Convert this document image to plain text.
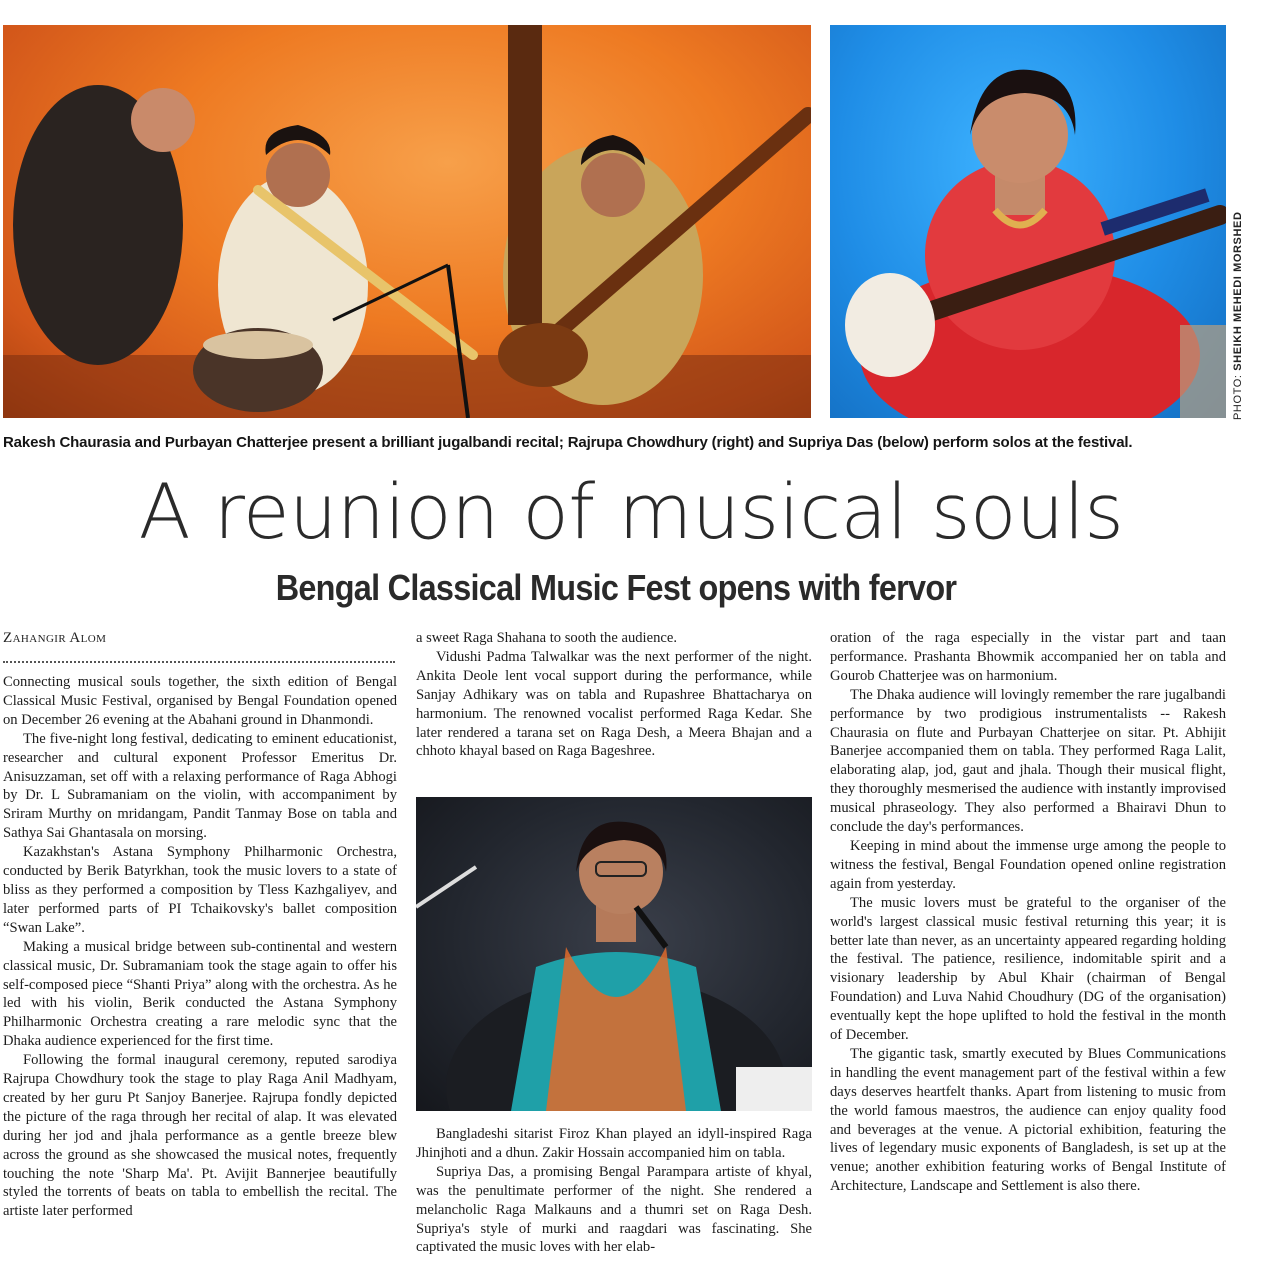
PHOTO: SHEIKH MEHEDI MORSHED
Rakesh Chaurasia and Purbayan Chatterjee present a brilliant jugalbandi recital; Rajrupa Chowdhury (right) and Supriya Das (below) perform solos at the festival.
A reunion of musical souls
Bengal Classical Music Fest opens with fervor
Zahangir Alom

Connecting musical souls together, the sixth edition of Bengal Classical Music Festival, organised by Bengal Foundation opened on December 26 evening at the Abahani ground in Dhanmondi.

The five-night long festival, dedicating to eminent educationist, researcher and cultural exponent Professor Emeritus Dr. Anisuzzaman, set off with a relaxing performance of Raga Abhogi by Dr. L Subramaniam on the violin, with accompaniment by Sriram Murthy on mridangam, Pandit Tanmay Bose on tabla and Sathya Sai Ghantasala on morsing.

Kazakhstan's Astana Symphony Philharmonic Orchestra, conducted by Berik Batyrkhan, took the music lovers to a state of bliss as they performed a composition by Tless Kazhgaliyev, and later performed parts of PI Tchaikovsky's ballet composition “Swan Lake”.

Making a musical bridge between sub-continental and western classical music, Dr. Subramaniam took the stage again to offer his self-composed piece “Shanti Priya” along with the orchestra. As he led with his violin, Berik conducted the Astana Symphony Philharmonic Orchestra creating a rare melodic sync that the Dhaka audience experienced for the first time.

Following the formal inaugural ceremony, reputed sarodiya Rajrupa Chowdhury took the stage to play Raga Anil Madhyam, created by her guru Pt Sanjoy Banerjee. Rajrupa fondly depicted the picture of the raga through her recital of alap. It was elevated during her jod and jhala performance as a gentle breeze blew across the ground as she showcased the musical notes, frequently touching the note 'Sharp Ma'. Pt. Avijit Bannerjee beautifully styled the torrents of beats on tabla to embellish the recital. The artiste later performed

a sweet Raga Shahana to sooth the audience.

Vidushi Padma Talwalkar was the next performer of the night. Ankita Deole lent vocal support during the performance, while Sanjay Adhikary was on tabla and Rupashree Bhattacharya on harmonium. The renowned vocalist performed Raga Kedar. She later rendered a tarana set on Raga Desh, a Meera Bhajan and a chhoto khayal based on Raga Bageshree.

Bangladeshi sitarist Firoz Khan played an idyll-inspired Raga Jhinjhoti and a dhun. Zakir Hossain accompanied him on tabla.

Supriya Das, a promising Bengal Parampara artiste of khyal, was the penultimate performer of the night. She rendered a melancholic Raga Malkauns and a thumri set on Raga Desh. Supriya's style of murki and raagdari was fascinating. She captivated the music loves with her elab-

oration of the raga especially in the vistar part and taan performance. Prashanta Bhowmik accompanied her on tabla and Gourob Chatterjee was on harmonium.

The Dhaka audience will lovingly remember the rare jugalbandi performance by two prodigious instrumentalists -- Rakesh Chaurasia on flute and Purbayan Chatterjee on sitar. Pt. Abhijit Banerjee accompanied them on tabla. They performed Raga Lalit, elaborating alap, jod, gaut and jhala. Though their musical flight, they thoroughly mesmerised the audience with instantly improvised musical phraseology. They also performed a Bhairavi Dhun to conclude the day's performances.

Keeping in mind about the immense urge among the people to witness the festival, Bengal Foundation opened online registration again from yesterday.

The music lovers must be grateful to the organiser of the world's largest classical music festival returning this year; it is better late than never, as an uncertainty appeared regarding holding the festival. The patience, resilience, indomitable spirit and a visionary leadership by Abul Khair (chairman of Bengal Foundation) and Luva Nahid Choudhury (DG of the organisation) eventually kept the hope uplifted to hold the festival in the month of December.

The gigantic task, smartly executed by Blues Communications in handling the event management part of the festival within a few days deserves heartfelt thanks. Apart from listening to music from the world famous maestros, the audience can enjoy quality food and beverages at the venue. A pictorial exhibition, featuring the lives of legendary music exponents of Bangladesh, is set up at the venue; another exhibition featuring works of Bengal Institute of Architecture, Landscape and Settlement is also there.
